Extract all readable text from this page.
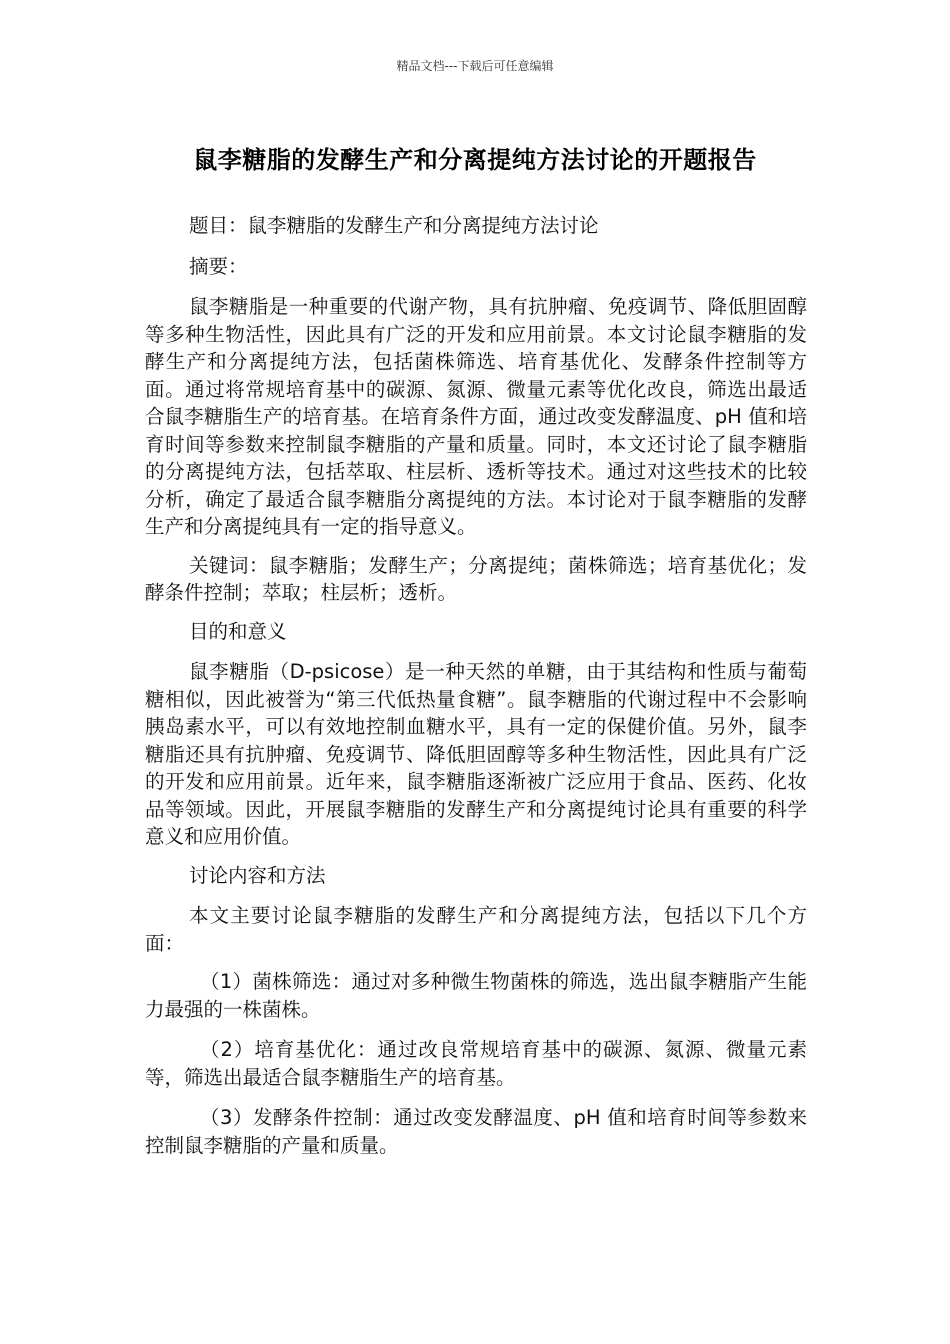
精品文档---下载后可任意编辑
鼠李糖脂的发酵生产和分离提纯方法讨论的开题报告

题目：鼠李糖脂的发酵生产和分离提纯方法讨论

摘要：

鼠李糖脂是一种重要的代谢产物，具有抗肿瘤、免疫调节、降低胆固醇等多种生物活性，因此具有广泛的开发和应用前景。本文讨论鼠李糖脂的发酵生产和分离提纯方法，包括菌株筛选、培育基优化、发酵条件控制等方面。通过将常规培育基中的碳源、氮源、微量元素等优化改良，筛选出最适合鼠李糖脂生产的培育基。在培育条件方面，通过改变发酵温度、pH 值和培育时间等参数来控制鼠李糖脂的产量和质量。同时，本文还讨论了鼠李糖脂的分离提纯方法，包括萃取、柱层析、透析等技术。通过对这些技术的比较分析，确定了最适合鼠李糖脂分离提纯的方法。本讨论对于鼠李糖脂的发酵生产和分离提纯具有一定的指导意义。

关键词：鼠李糖脂；发酵生产；分离提纯；菌株筛选；培育基优化；发酵条件控制；萃取；柱层析；透析。

目的和意义

鼠李糖脂（D-psicose）是一种天然的单糖，由于其结构和性质与葡萄糖相似，因此被誉为“第三代低热量食糖”。鼠李糖脂的代谢过程中不会影响胰岛素水平，可以有效地控制血糖水平，具有一定的保健价值。另外，鼠李糖脂还具有抗肿瘤、免疫调节、降低胆固醇等多种生物活性，因此具有广泛的开发和应用前景。近年来，鼠李糖脂逐渐被广泛应用于食品、医药、化妆品等领域。因此，开展鼠李糖脂的发酵生产和分离提纯讨论具有重要的科学意义和应用价值。

讨论内容和方法

本文主要讨论鼠李糖脂的发酵生产和分离提纯方法，包括以下几个方面：

（1）菌株筛选：通过对多种微生物菌株的筛选，选出鼠李糖脂产生能力最强的一株菌株。

（2）培育基优化：通过改良常规培育基中的碳源、氮源、微量元素等，筛选出最适合鼠李糖脂生产的培育基。

（3）发酵条件控制：通过改变发酵温度、pH 值和培育时间等参数来控制鼠李糖脂的产量和质量。
